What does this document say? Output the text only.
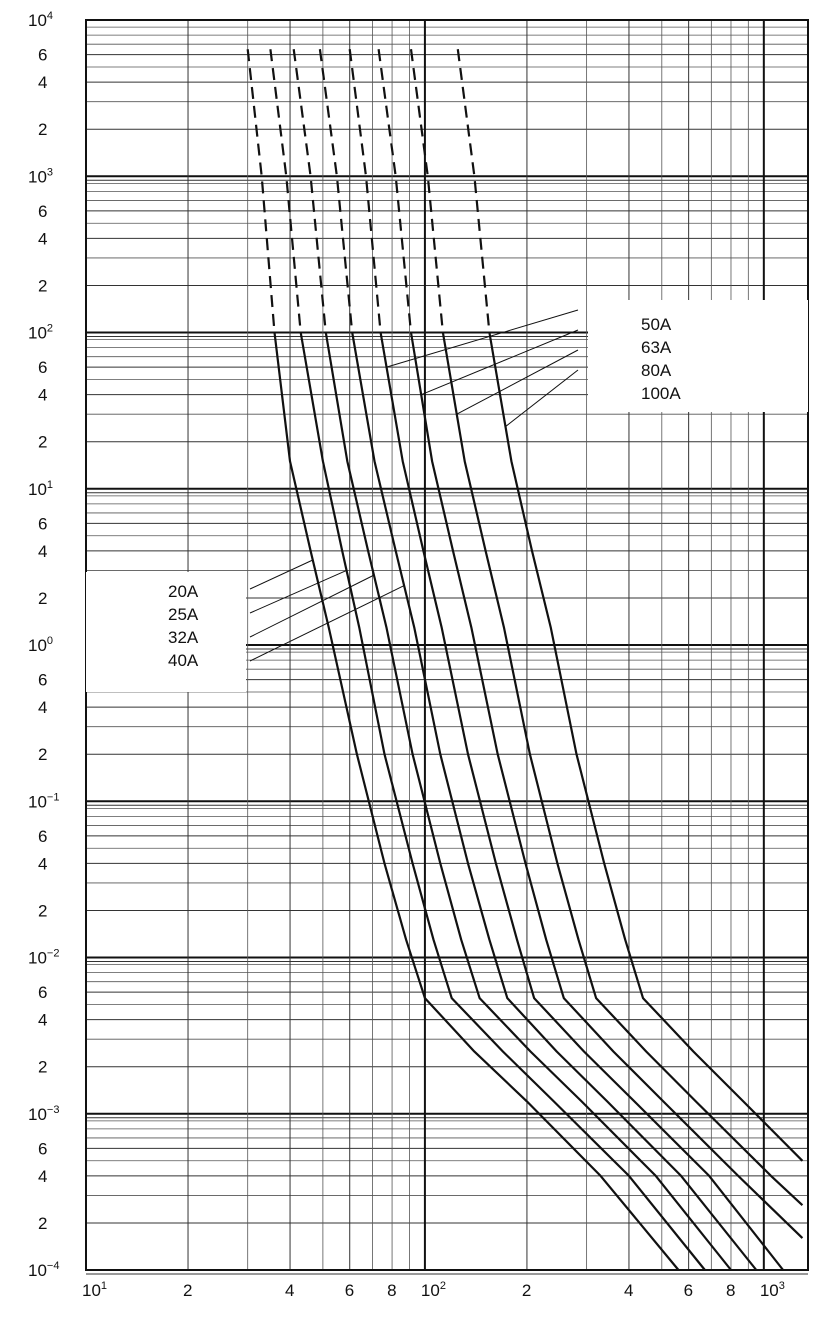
50A
63A
80A
100A
20A
25A
32A
40A
$10^4$
6
4
2
$10^3$
6
4
2
$10^2$
6
4
2
$10^1$
6
4
2
$10^0$
6
4
2
$10^{-1}$
6
4
2
$10^{-2}$
6
4
2
$10^{-3}$
6
4
2
$10^{-4}$
$10^1$	2	4	6 8 $10^2$	2	4	6 8 $10^3$
